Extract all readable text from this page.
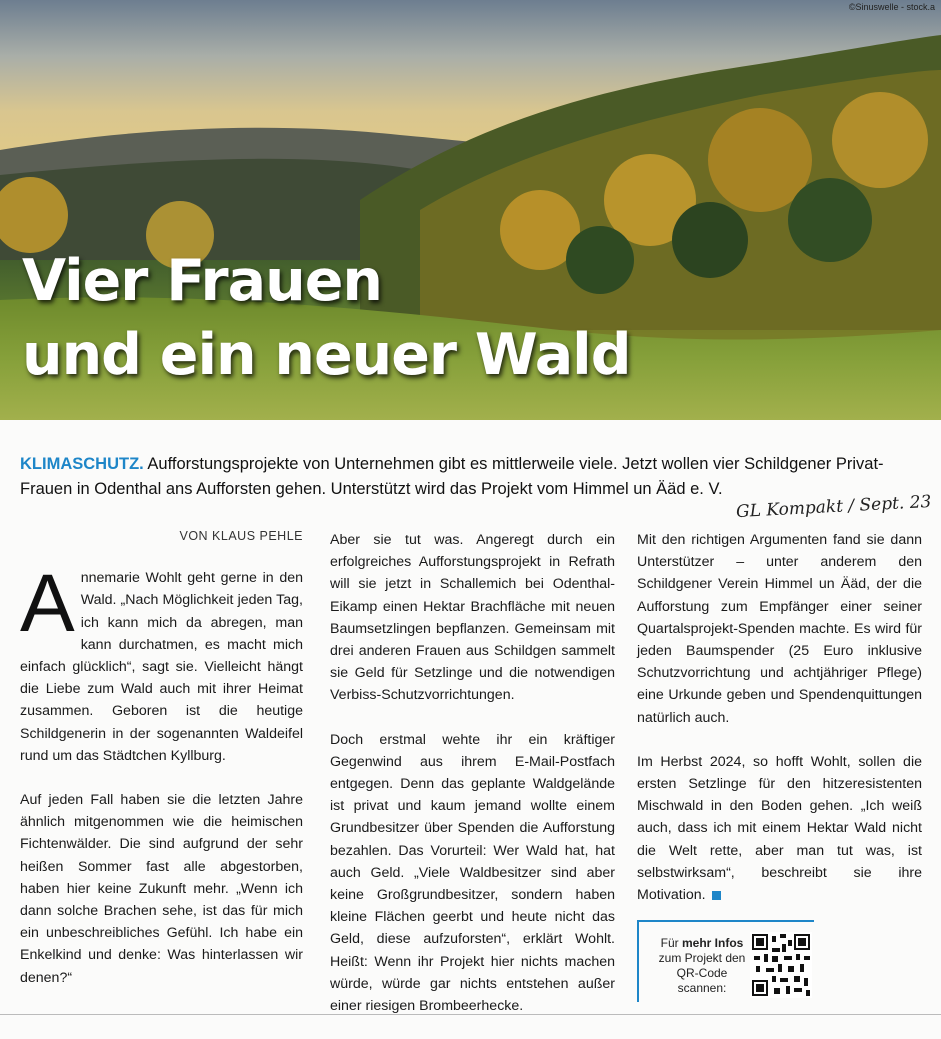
©Sinuswelle - stock.a
Vier Frauen
und ein neuer Wald
KLIMASCHUTZ. Aufforstungsprojekte von Unternehmen gibt es mittlerweile viele. Jetzt wollen vier Schildgener Privat-Frauen in Odenthal ans Aufforsten gehen. Unterstützt wird das Projekt vom Himmel un Ääd e. V.
GL Kompakt / Sept. 23

VON KLAUS PEHLE

Annemarie Wohlt geht gerne in den Wald. „Nach Möglichkeit jeden Tag, ich kann mich da abregen, man kann durchatmen, es macht mich einfach glücklich“, sagt sie. Vielleicht hängt die Liebe zum Wald auch mit ihrer Heimat zusammen. Geboren ist die heutige Schildgenerin in der sogenannten Waldeifel rund um das Städtchen Kyllburg.

Auf jeden Fall haben sie die letzten Jahre ähnlich mitgenommen wie die heimischen Fichtenwälder. Die sind aufgrund der sehr heißen Sommer fast alle abgestorben, haben hier keine Zukunft mehr. „Wenn ich dann solche Brachen sehe, ist das für mich ein unbeschreibliches Gefühl. Ich habe ein Enkelkind und denke: Was hinterlassen wir denen?“

Aber sie tut was. Angeregt durch ein erfolgreiches Aufforstungsprojekt in Refrath will sie jetzt in Schallemich bei Odenthal-Eikamp einen Hektar Brachfläche mit neuen Baumsetzlingen bepflanzen. Gemeinsam mit drei anderen Frauen aus Schildgen sammelt sie Geld für Setzlinge und die notwendigen Verbiss-Schutzvorrichtungen.

Doch erstmal wehte ihr ein kräftiger Gegenwind aus ihrem E-Mail-Postfach entgegen. Denn das geplante Waldgelände ist privat und kaum jemand wollte einem Grundbesitzer über Spenden die Aufforstung bezahlen. Das Vorurteil: Wer Wald hat, hat auch Geld. „Viele Waldbesitzer sind aber keine Großgrundbesitzer, sondern haben kleine Flächen geerbt und heute nicht das Geld, diese aufzuforsten“, erklärt Wohlt. Heißt: Wenn ihr Projekt hier nichts machen würde, würde gar nichts entstehen außer einer riesigen Brombeerhecke.

Mit den richtigen Argumenten fand sie dann Unterstützer – unter anderem den Schildgener Verein Himmel un Ääd, der die Aufforstung zum Empfänger einer seiner Quartalsprojekt-Spenden machte. Es wird für jeden Baumspender (25 Euro inklusive Schutzvorrichtung und achtjähriger Pflege) eine Urkunde geben und Spendenquittungen natürlich auch.

Im Herbst 2024, so hofft Wohlt, sollen die ersten Setzlinge für den hitzeresistenten Mischwald in den Boden gehen. „Ich weiß auch, dass ich mit einem Hektar Wald nicht die Welt rette, aber man tut was, ist selbstwirksam“, beschreibt sie ihre Motivation.

Für mehr Infos zum Projekt den QR-Code scannen:
